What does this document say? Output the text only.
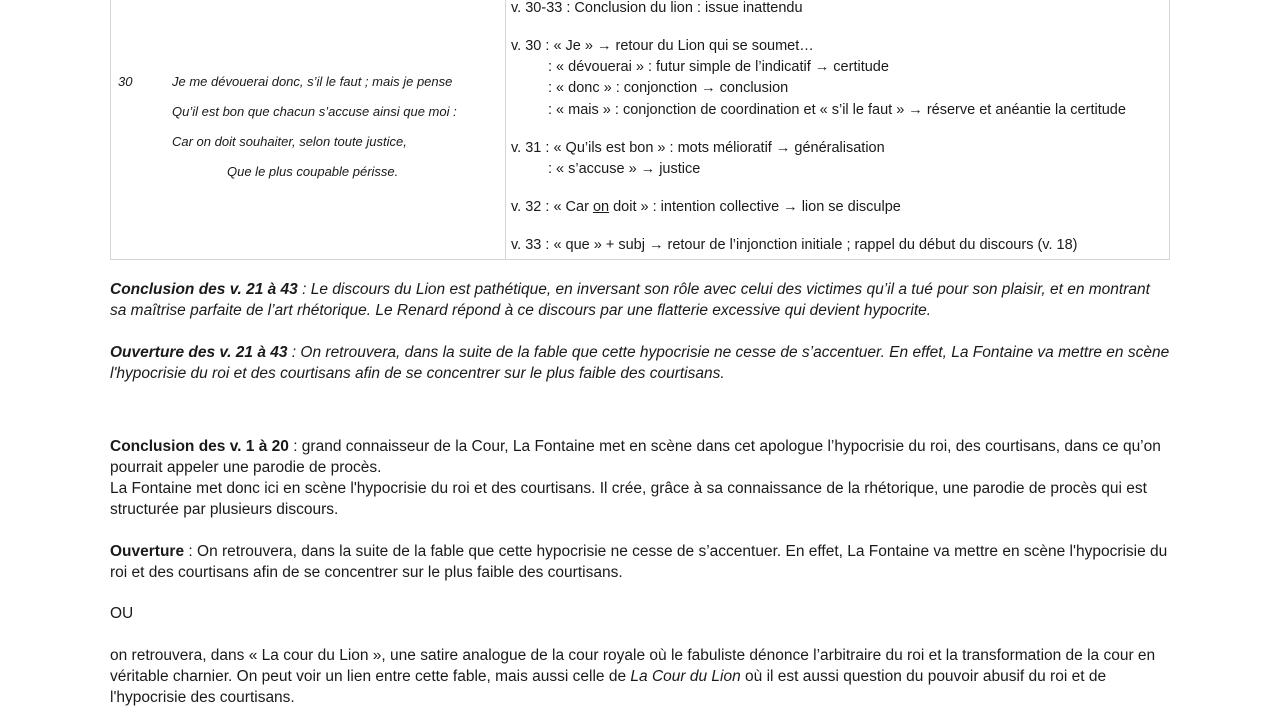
30	Je me dévouerai donc, s’il le faut ; mais je pense
Qu’il est bon que chacun s’accuse ainsi que moi :
Car on doit souhaiter, selon toute justice,
Que le plus coupable périsse.
v. 30-33 : Conclusion du lion : issue inattendu
v. 30 : « Je » → retour du Lion qui se soumet…
: « dévouerai » : futur simple de l’indicatif → certitude
: « donc » : conjonction → conclusion
: « mais » : conjonction de coordination et « s’il le faut » → réserve et anéantie la certitude
v. 31 : « Qu’ils est bon » : mots mélioratif → généralisation
: « s’accuse » → justice
v. 32 : « Car on doit » : intention collective → lion se disculpe
v. 33 : « que » + subj → retour de l’injonction initiale ; rappel du début du discours (v. 18)

Conclusion des v. 21 à 43 : Le discours du Lion est pathétique, en inversant son rôle avec celui des victimes qu’il a tué pour son plaisir, et en montrant sa maîtrise parfaite de l’art rhétorique. Le Renard répond à ce discours par une flatterie excessive qui devient hypocrite.

Ouverture des v. 21 à 43 : On retrouvera, dans la suite de la fable que cette hypocrisie ne cesse de s’accentuer. En effet, La Fontaine va mettre en scène l'hypocrisie du roi et des courtisans afin de se concentrer sur le plus faible des courtisans.

Conclusion des v. 1 à 20 : grand connaisseur de la Cour, La Fontaine met en scène dans cet apologue l’hypocrisie du roi, des courtisans, dans ce qu’on pourrait appeler une parodie de procès.
La Fontaine met donc ici en scène l'hypocrisie du roi et des courtisans. Il crée, grâce à sa connaissance de la rhétorique, une parodie de procès qui est structurée par plusieurs discours.

Ouverture : On retrouvera, dans la suite de la fable que cette hypocrisie ne cesse de s’accentuer. En effet, La Fontaine va mettre en scène l'hypocrisie du roi et des courtisans afin de se concentrer sur le plus faible des courtisans.

OU

on retrouvera, dans « La cour du Lion », une satire analogue de la cour royale où le fabuliste dénonce l’arbitraire du roi et la transformation de la cour en véritable charnier. On peut voir un lien entre cette fable, mais aussi celle de La Cour du Lion où il est aussi question du pouvoir abusif du roi et de l'hypocrisie des courtisans.
